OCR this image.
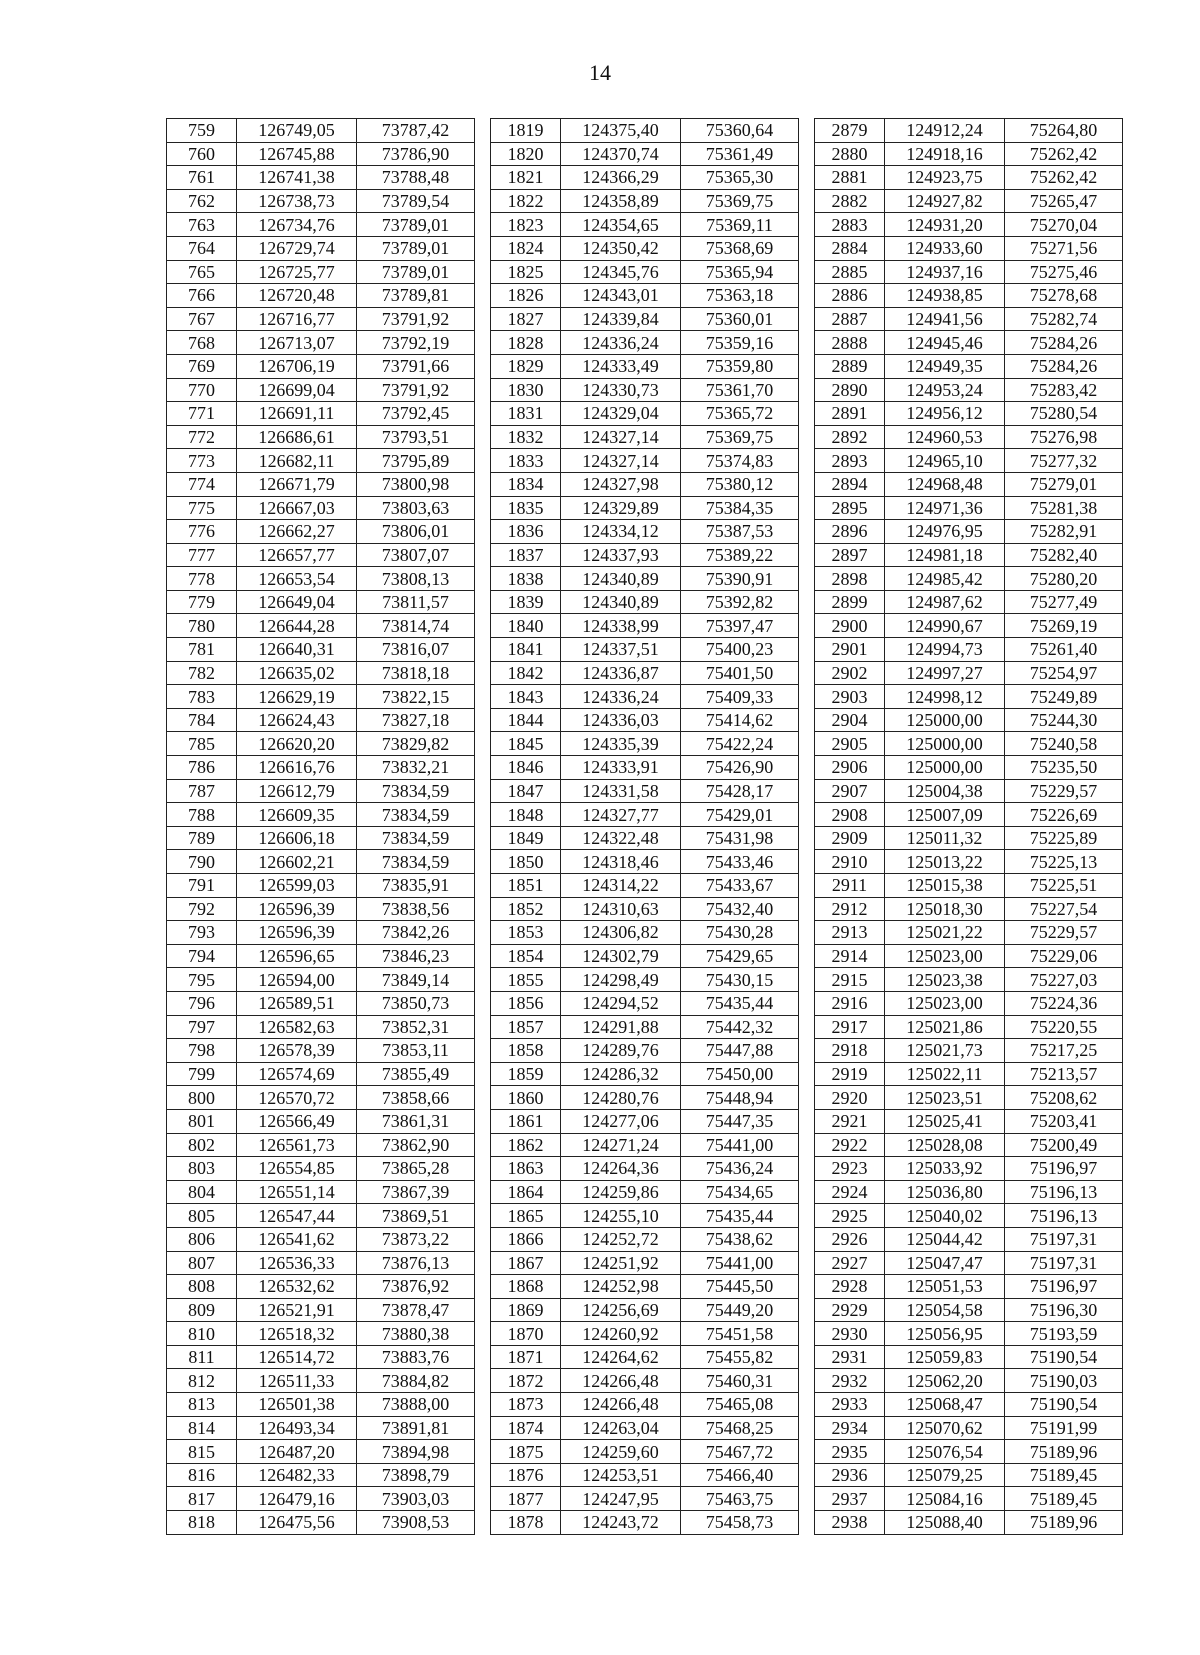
14
759	126749,05	73787,42		1819	124375,40	75360,64		2879	124912,24	75264,80
760	126745,88	73786,90		1820	124370,74	75361,49		2880	124918,16	75262,42
761	126741,38	73788,48		1821	124366,29	75365,30		2881	124923,75	75262,42
762	126738,73	73789,54		1822	124358,89	75369,75		2882	124927,82	75265,47
763	126734,76	73789,01		1823	124354,65	75369,11		2883	124931,20	75270,04
764	126729,74	73789,01		1824	124350,42	75368,69		2884	124933,60	75271,56
765	126725,77	73789,01		1825	124345,76	75365,94		2885	124937,16	75275,46
766	126720,48	73789,81		1826	124343,01	75363,18		2886	124938,85	75278,68
767	126716,77	73791,92		1827	124339,84	75360,01		2887	124941,56	75282,74
768	126713,07	73792,19		1828	124336,24	75359,16		2888	124945,46	75284,26
769	126706,19	73791,66		1829	124333,49	75359,80		2889	124949,35	75284,26
770	126699,04	73791,92		1830	124330,73	75361,70		2890	124953,24	75283,42
771	126691,11	73792,45		1831	124329,04	75365,72		2891	124956,12	75280,54
772	126686,61	73793,51		1832	124327,14	75369,75		2892	124960,53	75276,98
773	126682,11	73795,89		1833	124327,14	75374,83		2893	124965,10	75277,32
774	126671,79	73800,98		1834	124327,98	75380,12		2894	124968,48	75279,01
775	126667,03	73803,63		1835	124329,89	75384,35		2895	124971,36	75281,38
776	126662,27	73806,01		1836	124334,12	75387,53		2896	124976,95	75282,91
777	126657,77	73807,07		1837	124337,93	75389,22		2897	124981,18	75282,40
778	126653,54	73808,13		1838	124340,89	75390,91		2898	124985,42	75280,20
779	126649,04	73811,57		1839	124340,89	75392,82		2899	124987,62	75277,49
780	126644,28	73814,74		1840	124338,99	75397,47		2900	124990,67	75269,19
781	126640,31	73816,07		1841	124337,51	75400,23		2901	124994,73	75261,40
782	126635,02	73818,18		1842	124336,87	75401,50		2902	124997,27	75254,97
783	126629,19	73822,15		1843	124336,24	75409,33		2903	124998,12	75249,89
784	126624,43	73827,18		1844	124336,03	75414,62		2904	125000,00	75244,30
785	126620,20	73829,82		1845	124335,39	75422,24		2905	125000,00	75240,58
786	126616,76	73832,21		1846	124333,91	75426,90		2906	125000,00	75235,50
787	126612,79	73834,59		1847	124331,58	75428,17		2907	125004,38	75229,57
788	126609,35	73834,59		1848	124327,77	75429,01		2908	125007,09	75226,69
789	126606,18	73834,59		1849	124322,48	75431,98		2909	125011,32	75225,89
790	126602,21	73834,59		1850	124318,46	75433,46		2910	125013,22	75225,13
791	126599,03	73835,91		1851	124314,22	75433,67		2911	125015,38	75225,51
792	126596,39	73838,56		1852	124310,63	75432,40		2912	125018,30	75227,54
793	126596,39	73842,26		1853	124306,82	75430,28		2913	125021,22	75229,57
794	126596,65	73846,23		1854	124302,79	75429,65		2914	125023,00	75229,06
795	126594,00	73849,14		1855	124298,49	75430,15		2915	125023,38	75227,03
796	126589,51	73850,73		1856	124294,52	75435,44		2916	125023,00	75224,36
797	126582,63	73852,31		1857	124291,88	75442,32		2917	125021,86	75220,55
798	126578,39	73853,11		1858	124289,76	75447,88		2918	125021,73	75217,25
799	126574,69	73855,49		1859	124286,32	75450,00		2919	125022,11	75213,57
800	126570,72	73858,66		1860	124280,76	75448,94		2920	125023,51	75208,62
801	126566,49	73861,31		1861	124277,06	75447,35		2921	125025,41	75203,41
802	126561,73	73862,90		1862	124271,24	75441,00		2922	125028,08	75200,49
803	126554,85	73865,28		1863	124264,36	75436,24		2923	125033,92	75196,97
804	126551,14	73867,39		1864	124259,86	75434,65		2924	125036,80	75196,13
805	126547,44	73869,51		1865	124255,10	75435,44		2925	125040,02	75196,13
806	126541,62	73873,22		1866	124252,72	75438,62		2926	125044,42	75197,31
807	126536,33	73876,13		1867	124251,92	75441,00		2927	125047,47	75197,31
808	126532,62	73876,92		1868	124252,98	75445,50		2928	125051,53	75196,97
809	126521,91	73878,47		1869	124256,69	75449,20		2929	125054,58	75196,30
810	126518,32	73880,38		1870	124260,92	75451,58		2930	125056,95	75193,59
811	126514,72	73883,76		1871	124264,62	75455,82		2931	125059,83	75190,54
812	126511,33	73884,82		1872	124266,48	75460,31		2932	125062,20	75190,03
813	126501,38	73888,00		1873	124266,48	75465,08		2933	125068,47	75190,54
814	126493,34	73891,81		1874	124263,04	75468,25		2934	125070,62	75191,99
815	126487,20	73894,98		1875	124259,60	75467,72		2935	125076,54	75189,96
816	126482,33	73898,79		1876	124253,51	75466,40		2936	125079,25	75189,45
817	126479,16	73903,03		1877	124247,95	75463,75		2937	125084,16	75189,45
818	126475,56	73908,53		1878	124243,72	75458,73		2938	125088,40	75189,96
